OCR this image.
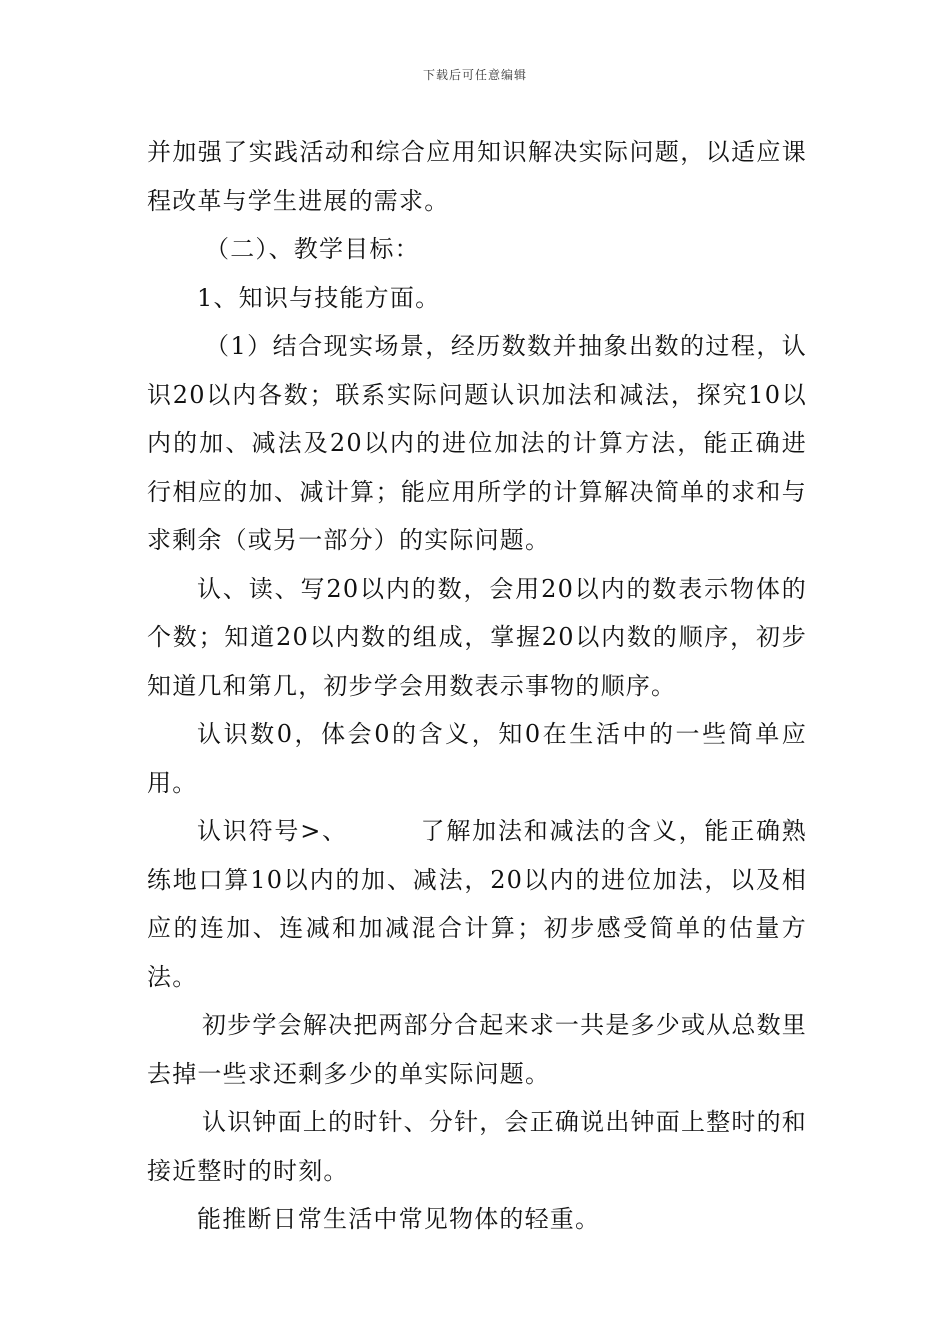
下载后可任意编辑

并加强了实践活动和综合应用知识解决实际问题，以适应课程改革与学生进展的需求。

（二）、教学目标：

1、知识与技能方面。

（1）结合现实场景，经历数数并抽象出数的过程，认识20以内各数；联系实际问题认识加法和减法，探究10以内的加、减法及20以内的进位加法的计算方法，能正确进行相应的加、减计算；能应用所学的计算解决简单的求和与求剩余（或另一部分）的实际问题。

认、读、写20以内的数，会用20以内的数表示物体的个数；知道20以内数的组成，掌握20以内数的顺序，初步知道几和第几，初步学会用数表示事物的顺序。

认识数0，体会0的含义，知0在生活中的一些简单应用。

认识符号>、	了解加法和减法的含义，能正确熟练地口算10以内的加、减法，20以内的进位加法，以及相应的连加、连减和加减混合计算；初步感受简单的估量方法。

初步学会解决把两部分合起来求一共是多少或从总数里去掉一些求还剩多少的单实际问题。

认识钟面上的时针、分针，会正确说出钟面上整时的和接近整时的时刻。

能推断日常生活中常见物体的轻重。
